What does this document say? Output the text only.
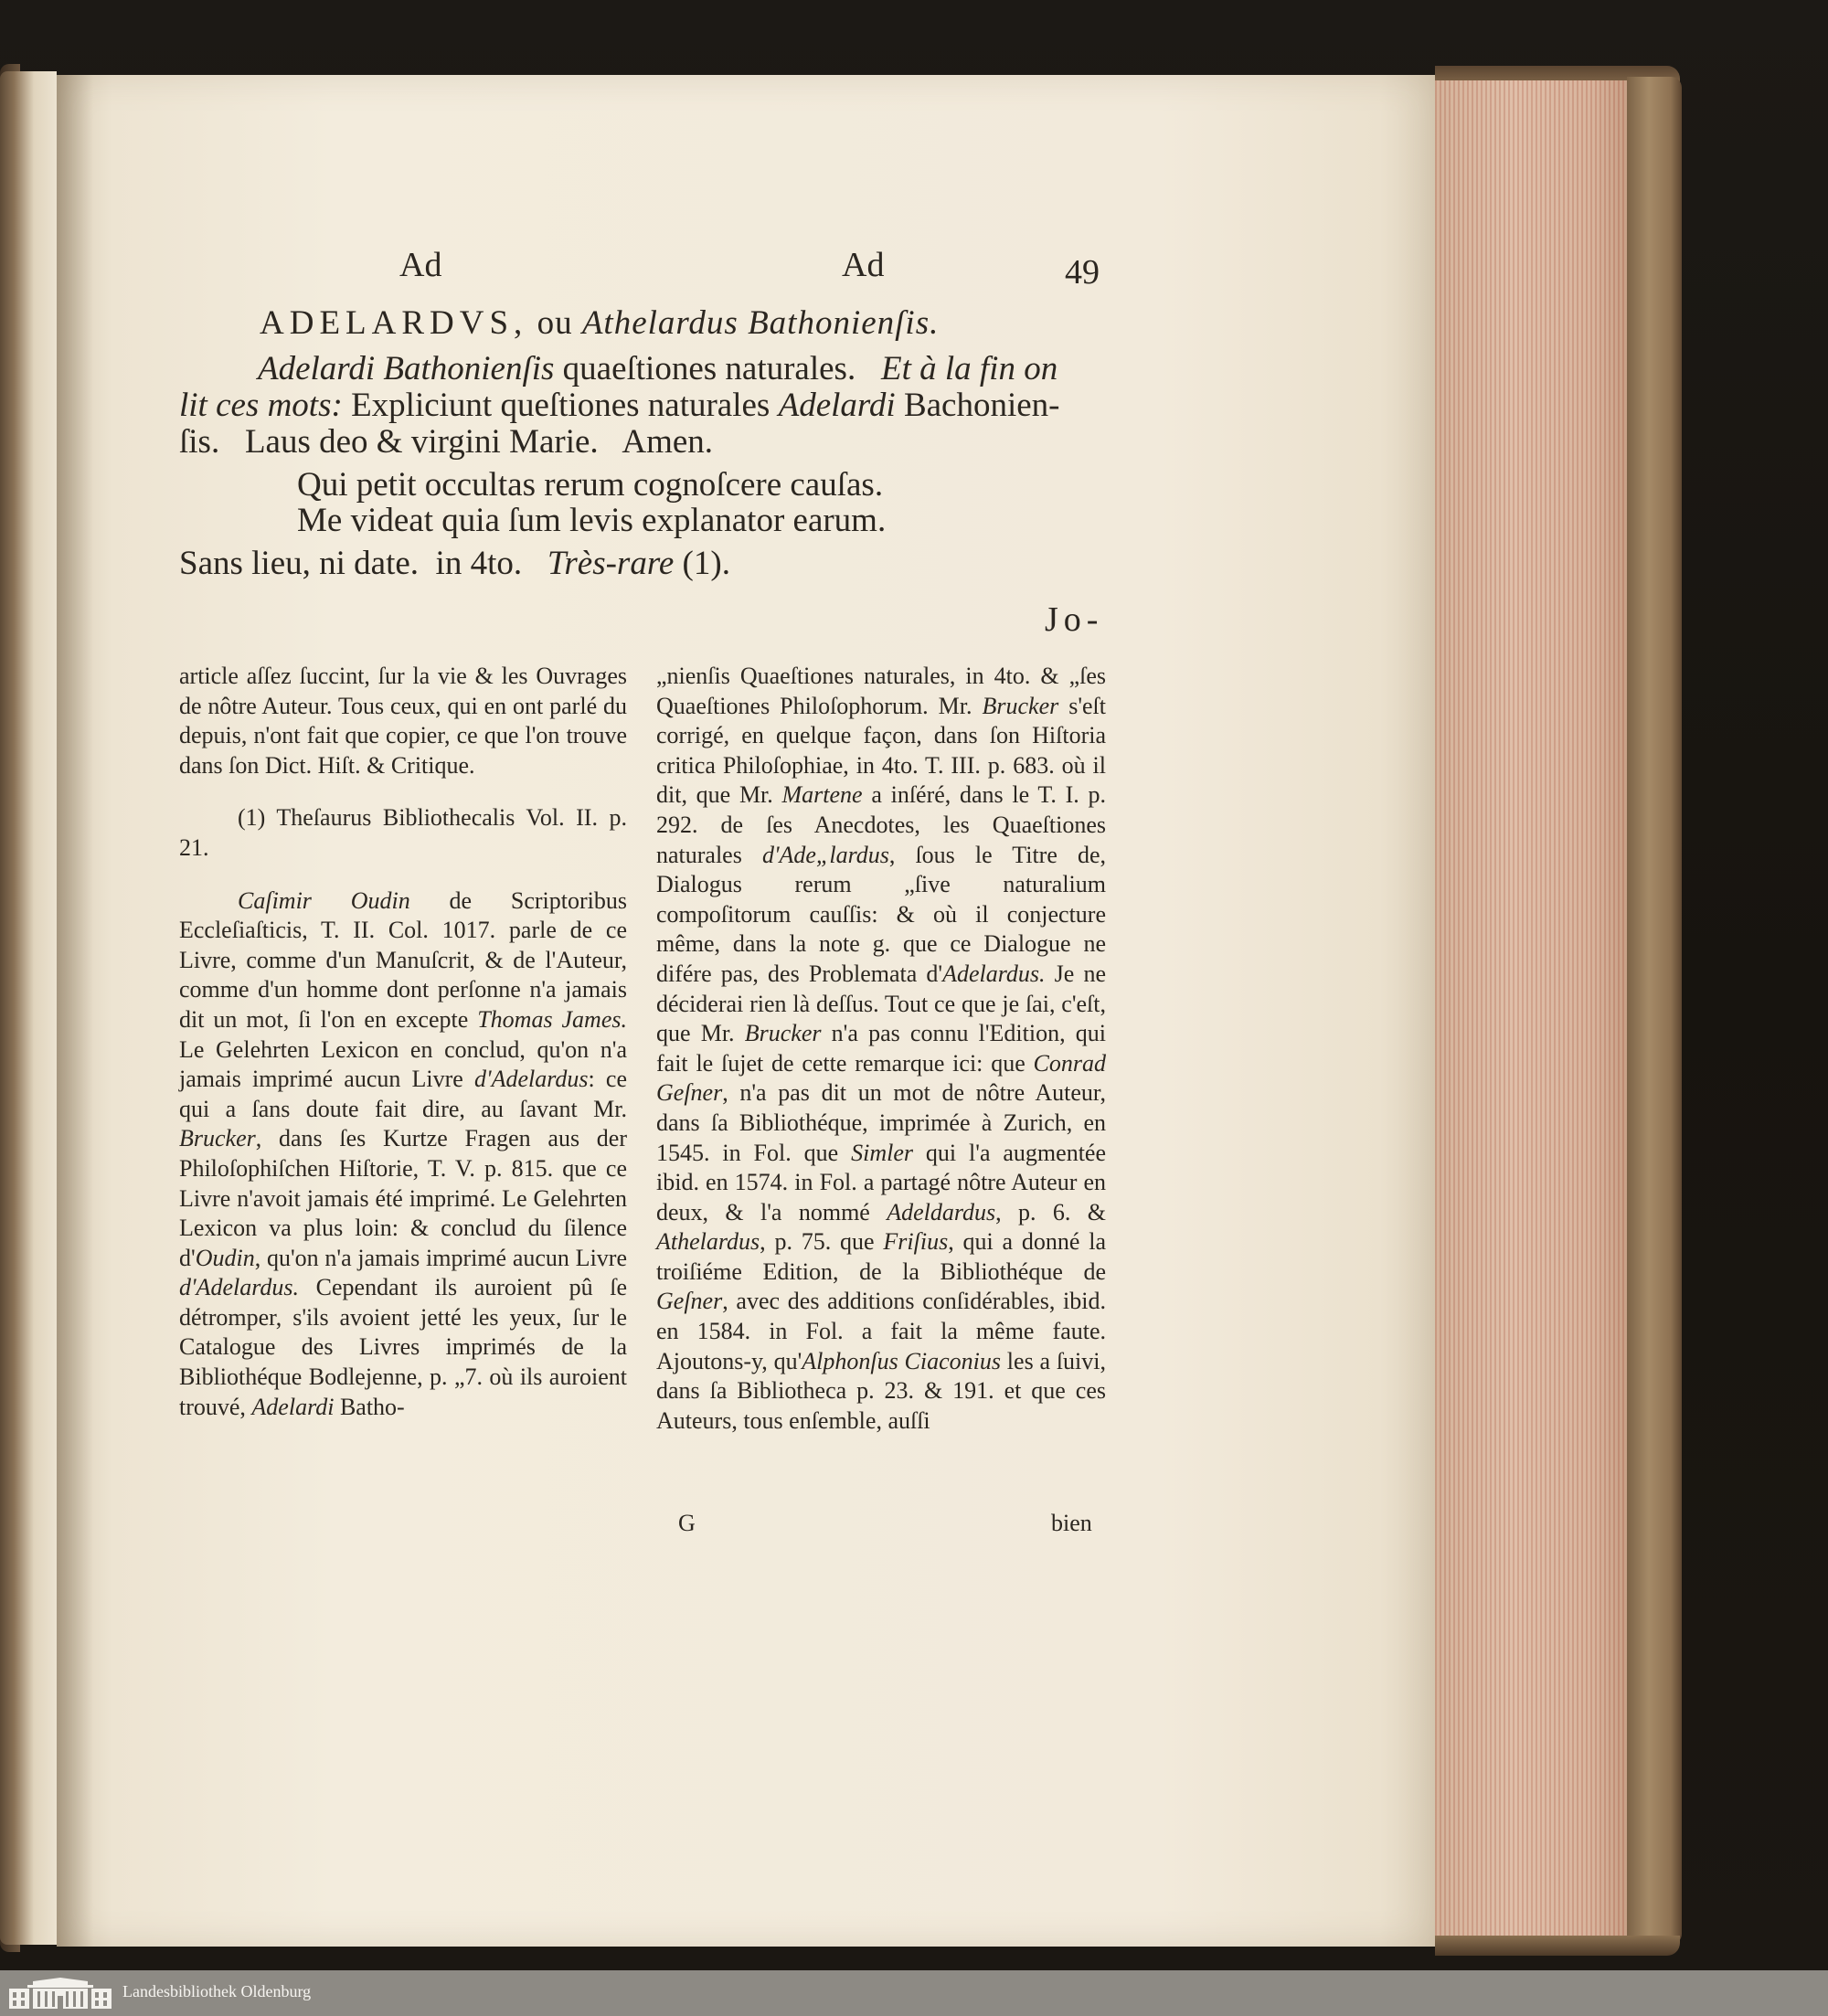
Ad	Ad	49
ADELARDVS, ou Athelardus Bathonienſis.
Adelardi Bathonienſis quaeſtiones naturales.   Et à la fin on
lit ces mots: Expliciunt queſtiones naturales Adelardi Bachonien-
ſis.   Laus deo & virgini Marie.   Amen.
Qui petit occultas rerum cognoſcere cauſas.
Me videat quia ſum levis explanator earum.
Sans lieu, ni date.  in 4to.   Très-rare (1).
Jo-

article aſſez ſuccint, ſur la vie & les Ouvrages de nôtre Auteur. Tous ceux, qui en ont parlé du depuis, n'ont fait que copier, ce que l'on trouve dans ſon Dict. Hiſt. & Critique.

(1) Theſaurus Bibliothecalis Vol. II. p. 21.

Caſimir Oudin de Scriptoribus Eccleſiaſticis, T. II. Col. 1017. parle de ce Livre, comme d'un Manuſcrit, & de l'Auteur, comme d'un homme dont perſonne n'a jamais dit un mot, ſi l'on en excepte Thomas James. Le Gelehrten Lexicon en conclud, qu'on n'a jamais imprimé aucun Livre d'Adelardus: ce qui a ſans doute fait dire, au ſavant Mr. Brucker, dans ſes Kurtze Fragen aus der Philoſophiſchen Hiſtorie, T. V. p. 815. que ce Livre n'avoit jamais été imprimé. Le Gelehrten Lexicon va plus loin: & conclud du ſilence d'Oudin, qu'on n'a jamais imprimé aucun Livre d'Adelardus. Cependant ils auroient pû ſe détromper, s'ils avoient jetté les yeux, ſur le Catalogue des Livres imprimés de la Bibliothéque Bodlejenne, p. „7. où ils auroient trouvé, Adelardi Batho-

„nienſis Quaeſtiones naturales, in 4to. & „ſes Quaeſtiones Philoſophorum. Mr. Brucker s'eſt corrigé, en quelque façon, dans ſon Hiſtoria critica Philoſophiae, in 4to. T. III. p. 683. où il dit, que Mr. Martene a inſéré, dans le T. I. p. 292. de ſes Anecdotes, les Quaeſtiones naturales d'Ade„lardus, ſous le Titre de, Dialogus rerum „ſive naturalium compoſitorum cauſſis: & où il conjecture même, dans la note g. que ce Dialogue ne difére pas, des Problemata d'Adelardus. Je ne déciderai rien là deſſus. Tout ce que je ſai, c'eſt, que Mr. Brucker n'a pas connu l'Edition, qui fait le ſujet de cette remarque ici: que Conrad Geſner, n'a pas dit un mot de nôtre Auteur, dans ſa Bibliothéque, imprimée à Zurich, en 1545. in Fol. que Simler qui l'a augmentée ibid. en 1574. in Fol. a partagé nôtre Auteur en deux, & l'a nommé Adeldardus, p. 6. & Athelardus, p. 75. que Friſius, qui a donné la troiſiéme Edition, de la Bibliothéque de Geſner, avec des additions conſidérables, ibid. en 1584. in Fol. a fait la même faute. Ajoutons-y, qu'Alphonſus Ciaconius les a ſuivi, dans ſa Bibliotheca p. 23. & 191. et que ces Auteurs, tous enſemble, auſſi

G	bien
Landesbibliothek Oldenburg
